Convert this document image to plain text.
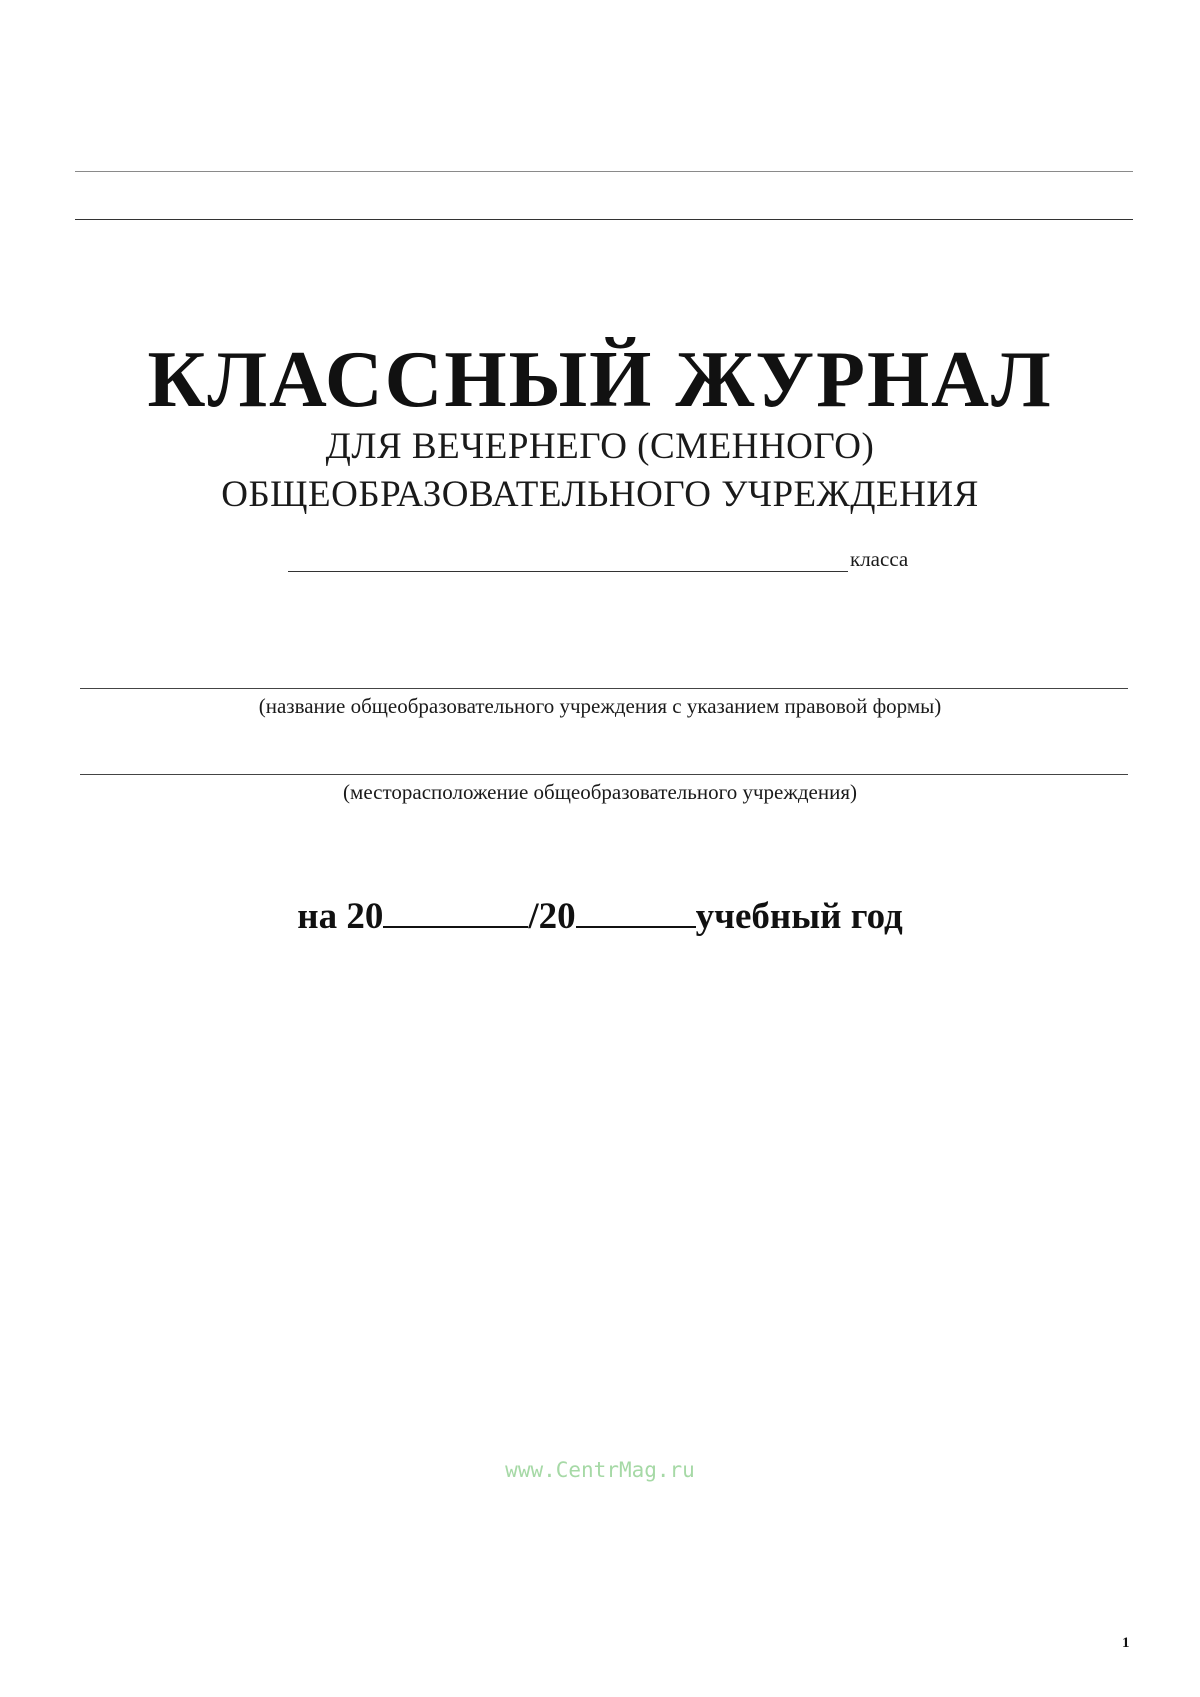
КЛАССНЫЙ ЖУРНАЛ
ДЛЯ ВЕЧЕРНЕГО (СМЕННОГО)
ОБЩЕОБРАЗОВАТЕЛЬНОГО УЧРЕЖДЕНИЯ
класса
(название общеобразовательного учреждения с указанием правовой формы)
(месторасположение общеобразовательного учреждения)
на 20	/20	учебный год
www.CentrMag.ru
1
